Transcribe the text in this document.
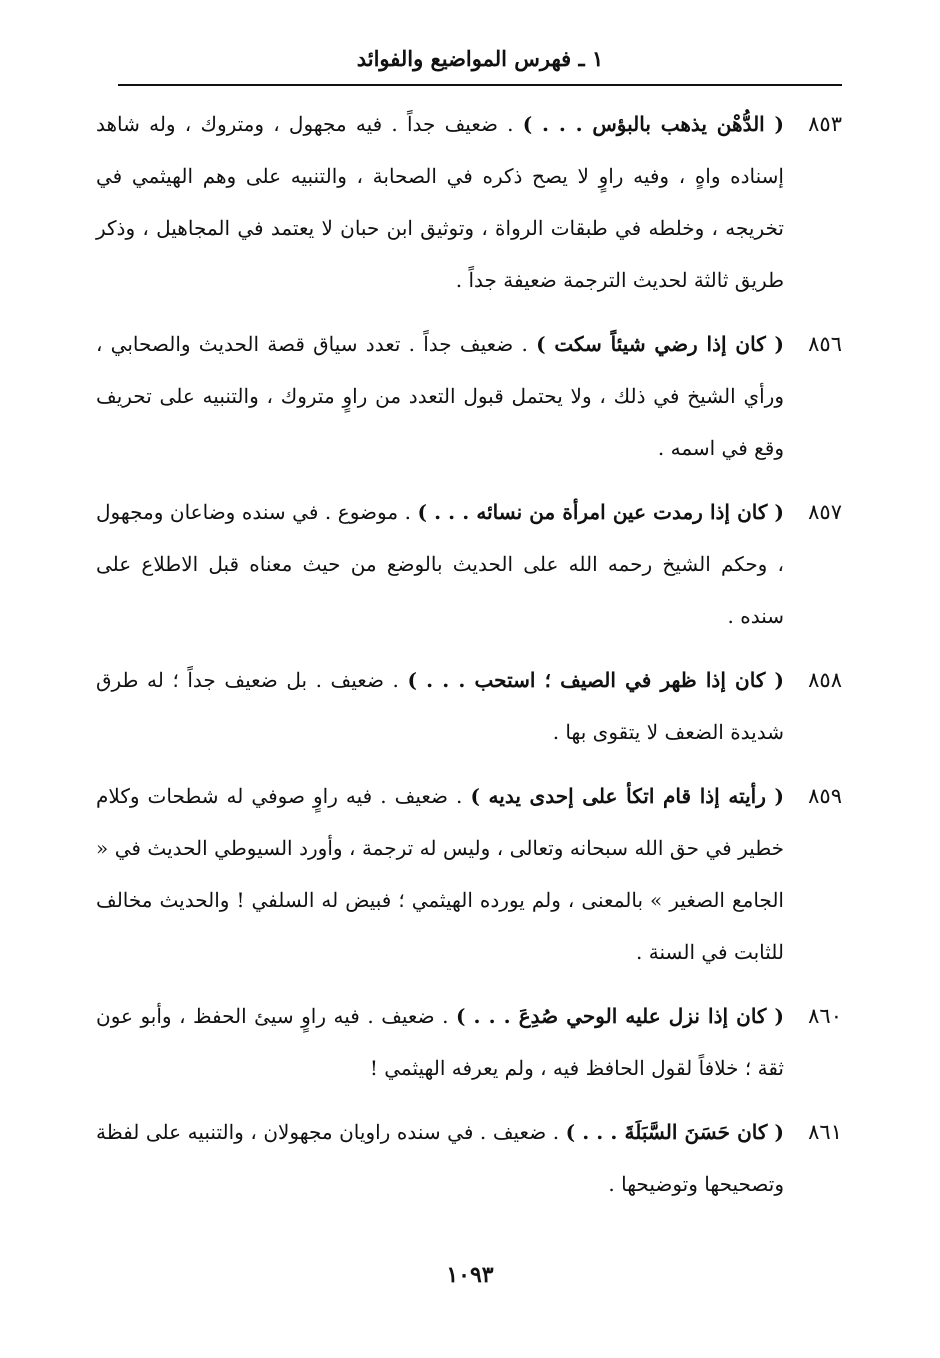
١ ـ فهرس المواضيع والفوائد
٨٥٣
( الدُّهْن يذهب بالبؤس . . . ) . ضعيف جداً . فيه مجهول ، ومتروك ، وله شاهد إسناده واهٍ ، وفيه راوٍ لا يصح ذكره في الصحابة ، والتنبيه على وهم الهيثمي في تخريجه ، وخلطه في طبقات الرواة ، وتوثيق ابن حبان لا يعتمد في المجاهيل ، وذكر طريق ثالثة لحديث الترجمة ضعيفة جداً .
٨٥٦
( كان إذا رضي شيئاً سكت ) . ضعيف جداً . تعدد سياق قصة الحديث والصحابي ، ورأي الشيخ في ذلك ، ولا يحتمل قبول التعدد من راوٍ متروك ، والتنبيه على تحريف وقع في اسمه .
٨٥٧
( كان إذا رمدت عين امرأة من نسائه . . . ) . موضوع . في سنده وضاعان ومجهول ، وحكم الشيخ رحمه الله على الحديث بالوضع من حيث معناه قبل الاطلاع على سنده .
٨٥٨
( كان إذا ظهر في الصيف ؛ استحب . . . ) . ضعيف . بل ضعيف جداً ؛ له طرق شديدة الضعف لا يتقوى بها .
٨٥٩
( رأيته إذا قام اتكأ على إحدى يديه ) . ضعيف . فيه راوٍ صوفي له شطحات وكلام خطير في حق الله سبحانه وتعالى ، وليس له ترجمة ، وأورد السيوطي الحديث في « الجامع الصغير » بالمعنى ، ولم يورده الهيثمي ؛ فبيض له السلفي ! والحديث مخالف للثابت في السنة .
٨٦٠
( كان إذا نزل عليه الوحي صُدِعَ . . . ) . ضعيف . فيه راوٍ سيئ الحفظ ، وأبو عون ثقة ؛ خلافاً لقول الحافظ فيه ، ولم يعرفه الهيثمي !
٨٦١
( كان حَسَنَ السَّبَلَةَ . . . ) . ضعيف . في سنده راويان مجهولان ، والتنبيه على لفظة وتصحيحها وتوضيحها .
١٠٩٣
